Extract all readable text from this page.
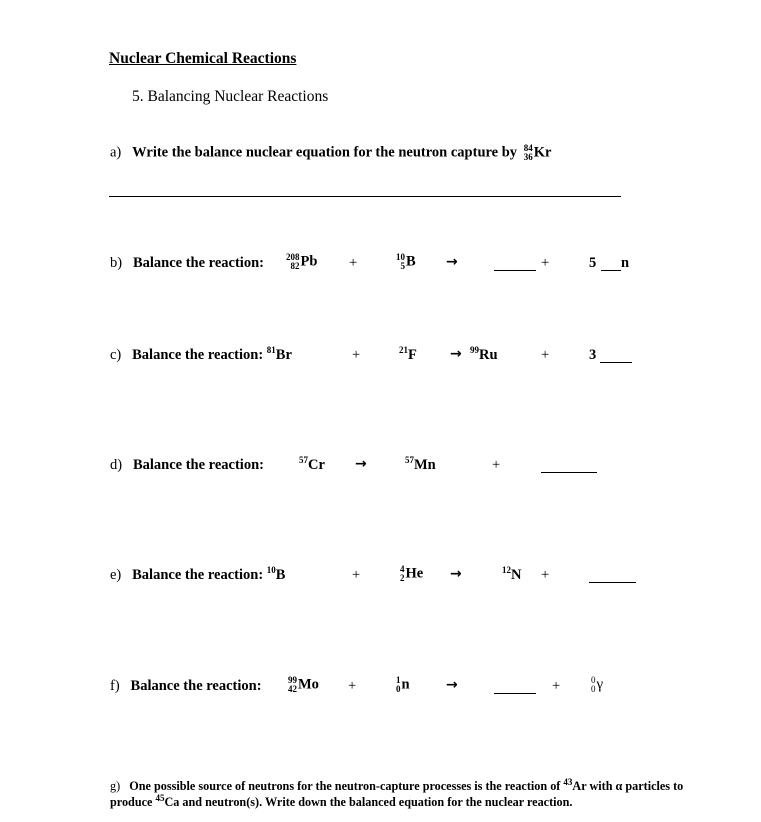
Nuclear Chemical Reactions
5. Balancing Nuclear Reactions
a) Write the balance nuclear equation for the neutron capture by 84
36 Kr
b) Balance the reaction: 208
82 Pb +	10
5 B →	+	5 n
c) Balance the reaction: $^{81}$Br	+	$^{21}$F → $^{99}$Ru	+	3
d) Balance the reaction:	$^{57}$Cr →	$^{57}$Mn	+
e) Balance the reaction: $^{10}$B	+	4
2 He →	$^{12}$N +
f) Balance the reaction:	99
42 Mo +	1
0 n	→	+	0
0 γ
g) One possible source of neutrons for the neutron-capture processes is the reaction of $^{43}$Ar with α particles to produce $^{45}$Ca and neutron(s). Write down the balanced equation for the nuclear reaction.
